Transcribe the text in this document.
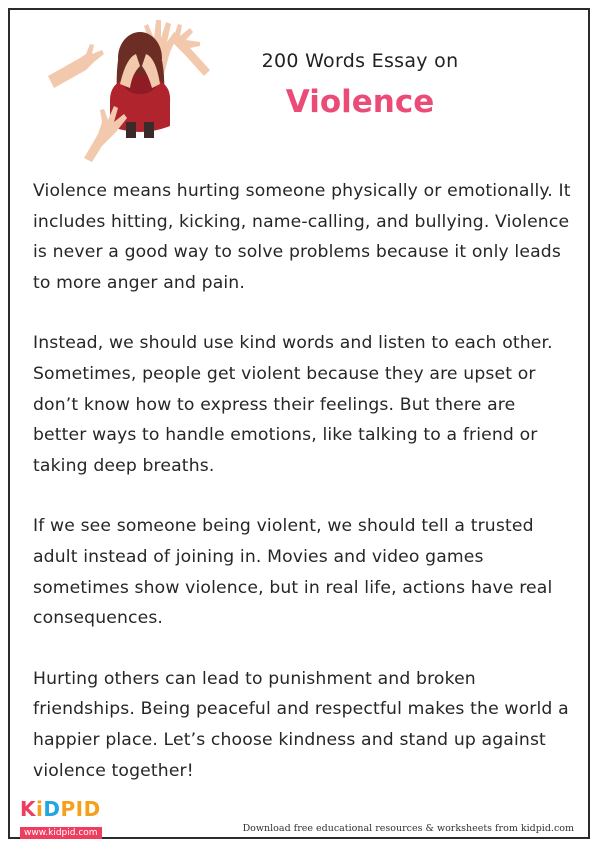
200 Words Essay on
Violence

Violence means hurting someone physically or emotionally. It includes hitting, kicking, name-calling, and bullying. Violence is never a good way to solve problems because it only leads to more anger and pain.

Instead, we should use kind words and listen to each other. Sometimes, people get violent because they are upset or don’t know how to express their feelings. But there are better ways to handle emotions, like talking to a friend or taking deep breaths.

If we see someone being violent, we should tell a trusted adult instead of joining in. Movies and video games sometimes show violence, but in real life, actions have real consequences.

Hurting others can lead to punishment and broken friendships. Being peaceful and respectful makes the world a happier place. Let’s choose kindness and stand up against violence together!

KiDPID
www.kidpid.com	Download free educational resources & worksheets from kidpid.com
